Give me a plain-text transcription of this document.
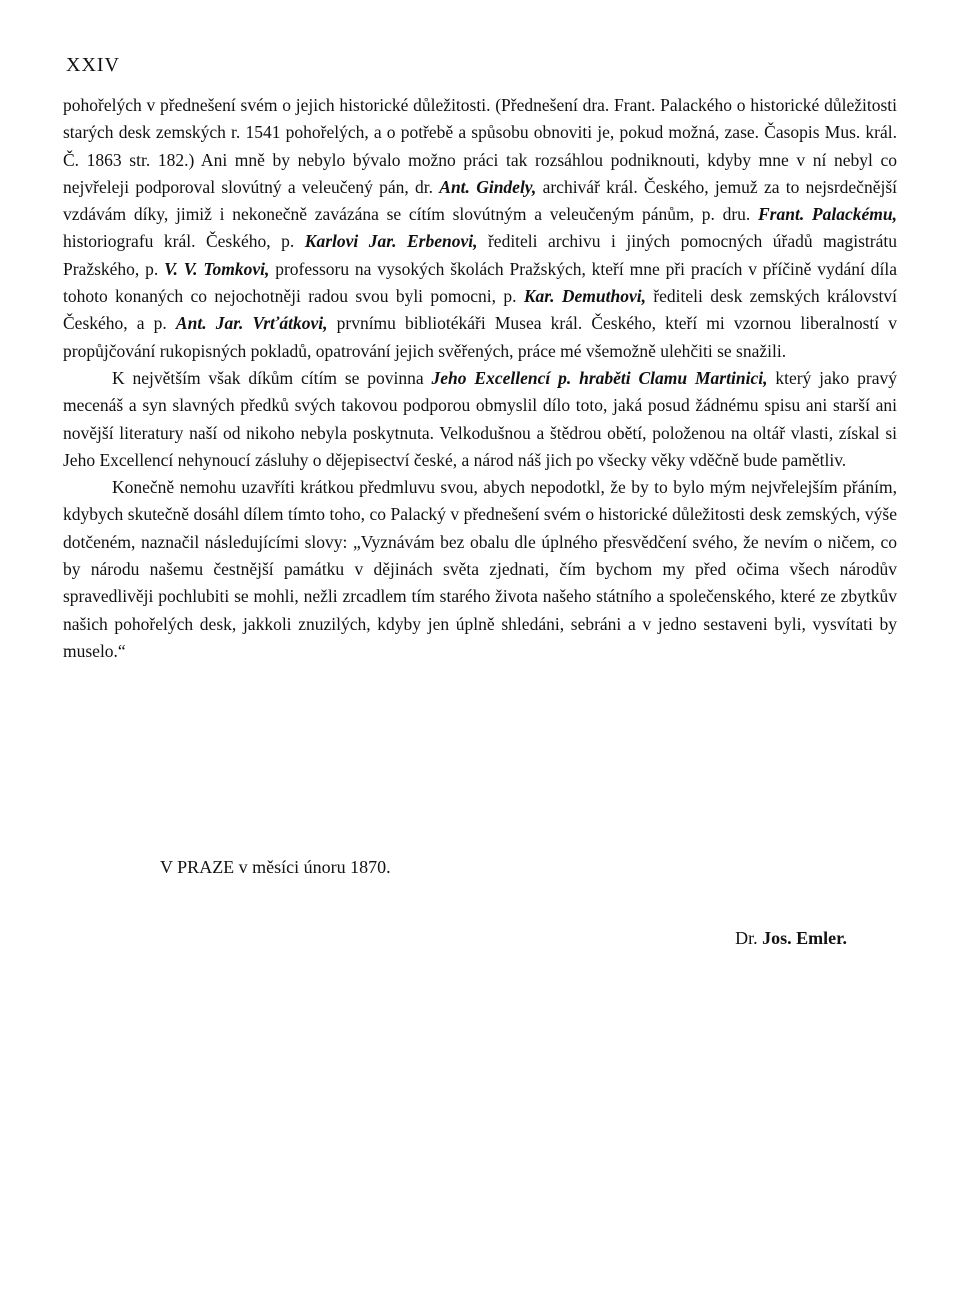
XXIV

pohořelých v přednešení svém o jejich historické důležitosti. (Přednešení dra. Frant. Palackého o historické důležitosti starých desk zemských r. 1541 pohořelých, a o potřebě a spůsobu obnoviti je, pokud možná, zase. Časopis Mus. král. Č. 1863 str. 182.) Ani mně by nebylo bývalo možno práci tak rozsáhlou podniknouti, kdyby mne v ní nebyl co nejvřeleji podporoval slovútný a veleučený pán, dr. Ant. Gindely, archivář král. Českého, jemuž za to nejsrdečnější vzdávám díky, jimiž i nekonečně zavázána se cítím slovútným a veleučeným pánům, p. dru. Frant. Palackému, historiografu král. Českého, p. Karlovi Jar. Erbenovi, řediteli archivu i jiných pomocných úřadů magistrátu Pražského, p. V. V. Tomkovi, professoru na vysokých školách Pražských, kteří mne při pracích v příčině vydání díla tohoto konaných co nejochotněji radou svou byli pomocni, p. Kar. Demuthovi, řediteli desk zemských království Českého, a p. Ant. Jar. Vrťátkovi, prvnímu bibliotékáři Musea král. Českého, kteří mi vzornou liberalností v propůjčování rukopisných pokladů, opatrování jejich svěřených, práce mé všemožně ulehčiti se snažili.

K největším však díkům cítím se povinna Jeho Excellencí p. hraběti Clamu Martinici, který jako pravý mecenáš a syn slavných předků svých takovou podporou obmyslil dílo toto, jaká posud žádnému spisu ani starší ani novější literatury naší od nikoho nebyla poskytnuta. Velkodušnou a štědrou obětí, položenou na oltář vlasti, získal si Jeho Excellencí nehynoucí zásluhy o dějepisectví české, a národ náš jich po všecky věky vděčně bude pamětliv.

Konečně nemohu uzavříti krátkou předmluvu svou, abych nepodotkl, že by to bylo mým nejvřelejším přáním, kdybych skutečně dosáhl dílem tímto toho, co Palacký v přednešení svém o historické důležitosti desk zemských, výše dotčeném, naznačil následujícími slovy: „Vyznávám bez obalu dle úplného přesvědčení svého, že nevím o ničem, co by národu našemu čestnější památku v dějinách světa zjednati, čím bychom my před očima všech národův spravedlivěji pochlubiti se mohli, nežli zrcadlem tím starého života našeho státního a společenského, které ze zbytkův našich pohořelých desk, jakkoli znuzilých, kdyby jen úplně shledáni, sebráni a v jedno sestaveni byli, vysvítati by muselo.“

V PRAZE v měsíci únoru 1870.
Dr. Jos. Emler.
